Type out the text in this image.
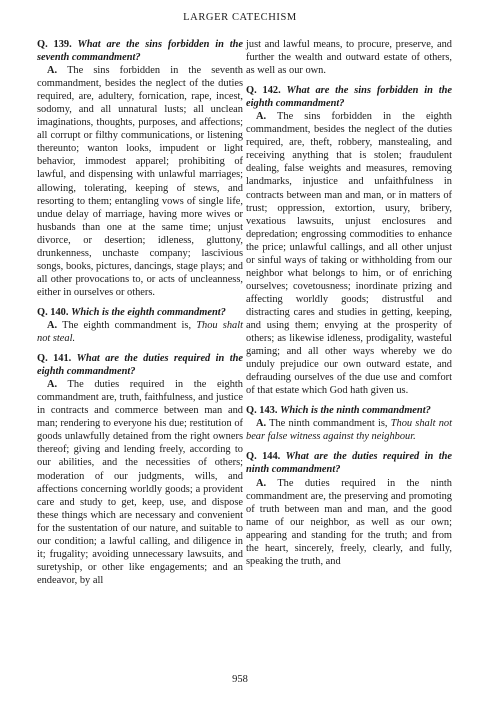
LARGER CATECHISM

Q. 139. What are the sins forbidden in the seventh commandment?

A. The sins forbidden in the seventh commandment, besides the neglect of the duties required, are, adultery, fornication, rape, incest, sodomy, and all unnatural lusts; all unclean imaginations, thoughts, purposes, and affections; all corrupt or filthy communications, or listening thereunto; wanton looks, impudent or light behavior, immodest apparel; prohibiting of lawful, and dispensing with unlawful marriages; allowing, tolerating, keeping of stews, and resorting to them; entangling vows of single life, undue delay of marriage, having more wives or husbands than one at the same time; unjust divorce, or desertion; idleness, gluttony, drunkenness, unchaste company; lascivious songs, books, pictures, dancings, stage plays; and all other provocations to, or acts of uncleanness, either in ourselves or others.

Q. 140. Which is the eighth commandment?

A. The eighth commandment is, Thou shalt not steal.

Q. 141. What are the duties required in the eighth commandment?

A. The duties required in the eighth commandment are, truth, faithfulness, and justice in contracts and commerce between man and man; rendering to everyone his due; restitution of goods unlawfully detained from the right owners thereof; giving and lending freely, according to our abilities, and the necessities of others; moderation of our judgments, wills, and affections concerning worldly goods; a provident care and study to get, keep, use, and dispose these things which are necessary and convenient for the sustentation of our nature, and suitable to our condition; a lawful calling, and diligence in it; frugality; avoiding unnecessary lawsuits, and suretyship, or other like engagements; and an endeavor, by all

just and lawful means, to procure, preserve, and further the wealth and outward estate of others, as well as our own.

Q. 142. What are the sins forbidden in the eighth commandment?

A. The sins forbidden in the eighth commandment, besides the neglect of the duties required, are, theft, robbery, manstealing, and receiving anything that is stolen; fraudulent dealing, false weights and measures, removing landmarks, injustice and unfaithfulness in contracts between man and man, or in matters of trust; oppression, extortion, usury, bribery, vexatious lawsuits, unjust enclosures and depredation; engrossing commodities to enhance the price; unlawful callings, and all other unjust or sinful ways of taking or withholding from our neighbor what belongs to him, or of enriching ourselves; covetousness; inordinate prizing and affecting worldly goods; distrustful and distracting cares and studies in getting, keeping, and using them; envying at the prosperity of others; as likewise idleness, prodigality, wasteful gaming; and all other ways whereby we do unduly prejudice our own outward estate, and defrauding ourselves of the due use and comfort of that estate which God hath given us.

Q. 143. Which is the ninth commandment?

A. The ninth commandment is, Thou shalt not bear false witness against thy neighbour.

Q. 144. What are the duties required in the ninth commandment?

A. The duties required in the ninth commandment are, the preserving and promoting of truth between man and man, and the good name of our neighbor, as well as our own; appearing and standing for the truth; and from the heart, sincerely, freely, clearly, and fully, speaking the truth, and

958
